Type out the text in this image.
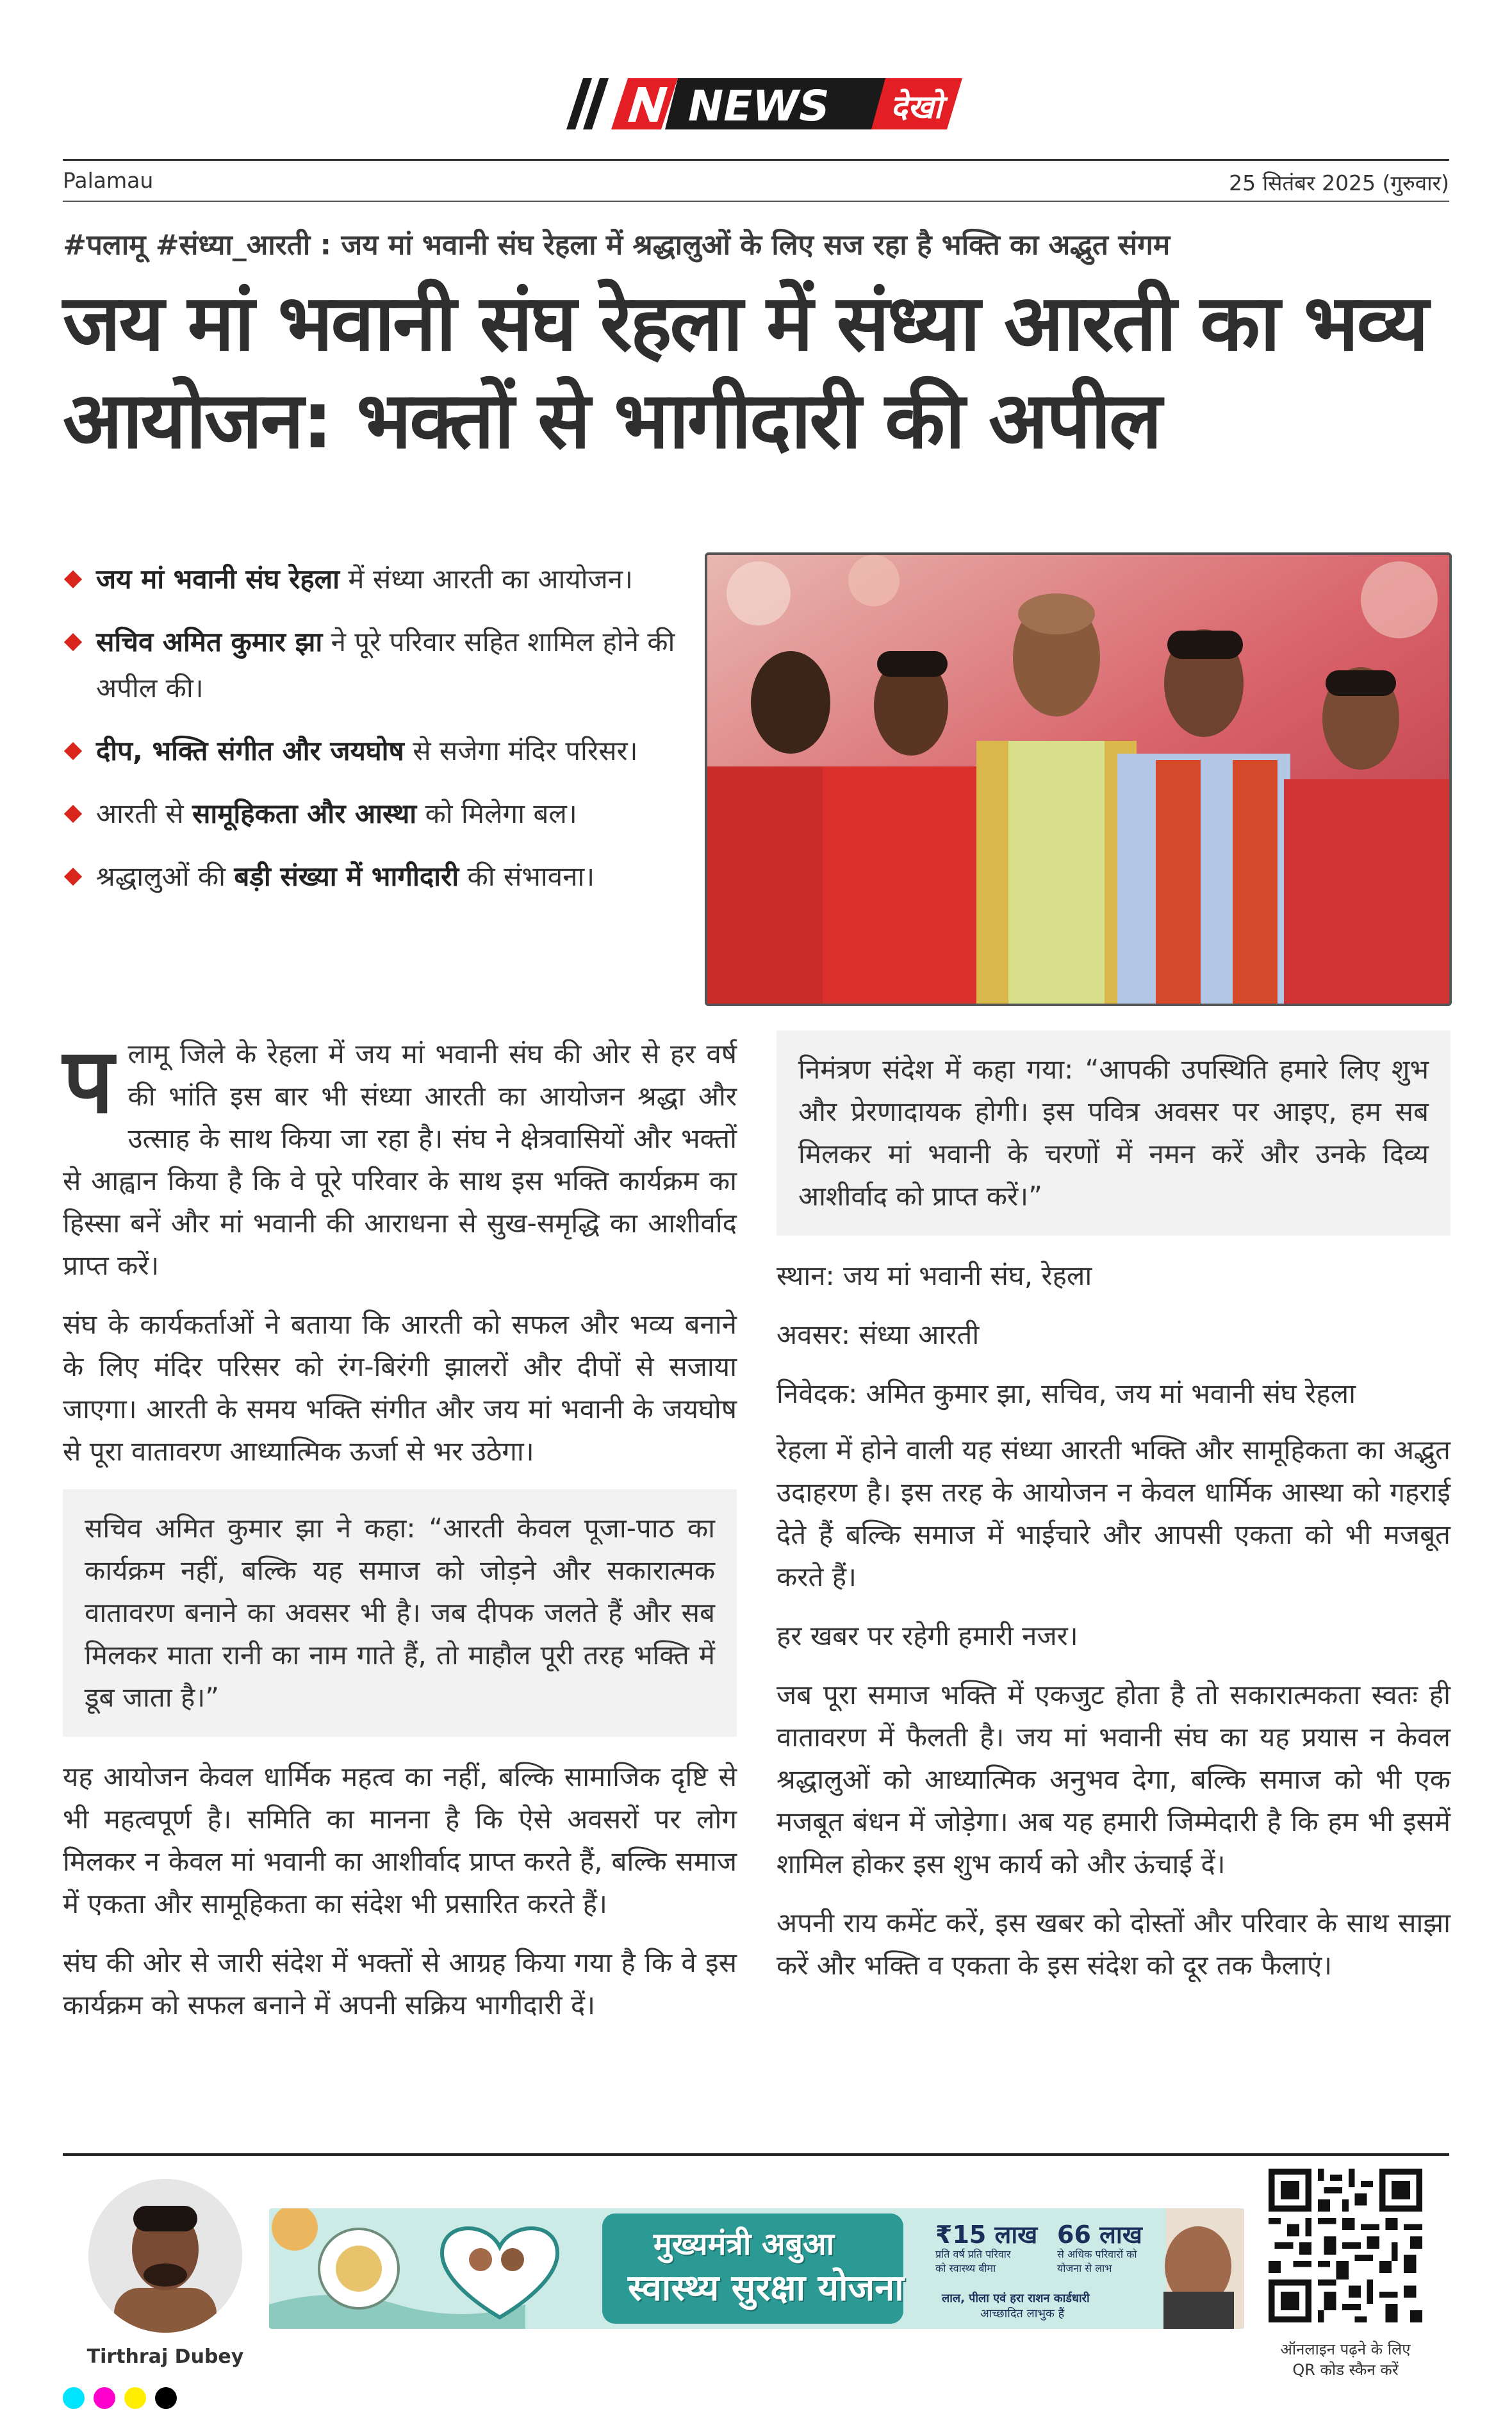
NEWS देखो
Palamau	25 सितंबर 2025 (गुरुवार)
#पलामू #संध्या_आरती : जय मां भवानी संघ रेहला में श्रद्धालुओं के लिए सज रहा है भक्ति का अद्भुत संगम
जय मां भवानी संघ रेहला में संध्या आरती का भव्य आयोजन: भक्तों से भागीदारी की अपील
जय मां भवानी संघ रेहला में संध्या आरती का आयोजन।
सचिव अमित कुमार झा ने पूरे परिवार सहित शामिल होने की अपील की।
दीप, भक्ति संगीत और जयघोष से सजेगा मंदिर परिसर।
आरती से सामूहिकता और आस्था को मिलेगा बल।
श्रद्धालुओं की बड़ी संख्या में भागीदारी की संभावना।

पलामू जिले के रेहला में जय मां भवानी संघ की ओर से हर वर्ष की भांति इस बार भी संध्या आरती का आयोजन श्रद्धा और उत्साह के साथ किया जा रहा है। संघ ने क्षेत्रवासियों और भक्तों से आह्वान किया है कि वे पूरे परिवार के साथ इस भक्ति कार्यक्रम का हिस्सा बनें और मां भवानी की आराधना से सुख-समृद्धि का आशीर्वाद प्राप्त करें।

संघ के कार्यकर्ताओं ने बताया कि आरती को सफल और भव्य बनाने के लिए मंदिर परिसर को रंग-बिरंगी झालरों और दीपों से सजाया जाएगा। आरती के समय भक्ति संगीत और जय मां भवानी के जयघोष से पूरा वातावरण आध्यात्मिक ऊर्जा से भर उठेगा।

सचिव अमित कुमार झा ने कहा: “आरती केवल पूजा-पाठ का कार्यक्रम नहीं, बल्कि यह समाज को जोड़ने और सकारात्मक वातावरण बनाने का अवसर भी है। जब दीपक जलते हैं और सब मिलकर माता रानी का नाम गाते हैं, तो माहौल पूरी तरह भक्ति में डूब जाता है।”

यह आयोजन केवल धार्मिक महत्व का नहीं, बल्कि सामाजिक दृष्टि से भी महत्वपूर्ण है। समिति का मानना है कि ऐसे अवसरों पर लोग मिलकर न केवल मां भवानी का आशीर्वाद प्राप्त करते हैं, बल्कि समाज में एकता और सामूहिकता का संदेश भी प्रसारित करते हैं।

संघ की ओर से जारी संदेश में भक्तों से आग्रह किया गया है कि वे इस कार्यक्रम को सफल बनाने में अपनी सक्रिय भागीदारी दें।

निमंत्रण संदेश में कहा गया: “आपकी उपस्थिति हमारे लिए शुभ और प्रेरणादायक होगी। इस पवित्र अवसर पर आइए, हम सब मिलकर मां भवानी के चरणों में नमन करें और उनके दिव्य आशीर्वाद को प्राप्त करें।”

स्थान: जय मां भवानी संघ, रेहला

अवसर: संध्या आरती

निवेदक: अमित कुमार झा, सचिव, जय मां भवानी संघ रेहला

रेहला में होने वाली यह संध्या आरती भक्ति और सामूहिकता का अद्भुत उदाहरण है। इस तरह के आयोजन न केवल धार्मिक आस्था को गहराई देते हैं बल्कि समाज में भाईचारे और आपसी एकता को भी मजबूत करते हैं।

हर खबर पर रहेगी हमारी नजर।

जब पूरा समाज भक्ति में एकजुट होता है तो सकारात्मकता स्वतः ही वातावरण में फैलती है। जय मां भवानी संघ का यह प्रयास न केवल श्रद्धालुओं को आध्यात्मिक अनुभव देगा, बल्कि समाज को भी एक मजबूत बंधन में जोड़ेगा। अब यह हमारी जिम्मेदारी है कि हम भी इसमें शामिल होकर इस शुभ कार्य को और ऊंचाई दें।

अपनी राय कमेंट करें, इस खबर को दोस्तों और परिवार के साथ साझा करें और भक्ति व एकता के इस संदेश को दूर तक फैलाएं।

Tirthraj Dubey
मुख्यमंत्री अबुआ
स्वास्थ्य सुरक्षा योजना
₹15 लाख
प्रति वर्ष प्रति परिवार
को स्वास्थ्य बीमा
66 लाख
से अधिक परिवारों को
योजना से लाभ
लाल, पीला एवं हरा राशन कार्डधारी
आच्छादित लाभुक हैं
ऑनलाइन पढ़ने के लिए
QR कोड स्कैन करें
